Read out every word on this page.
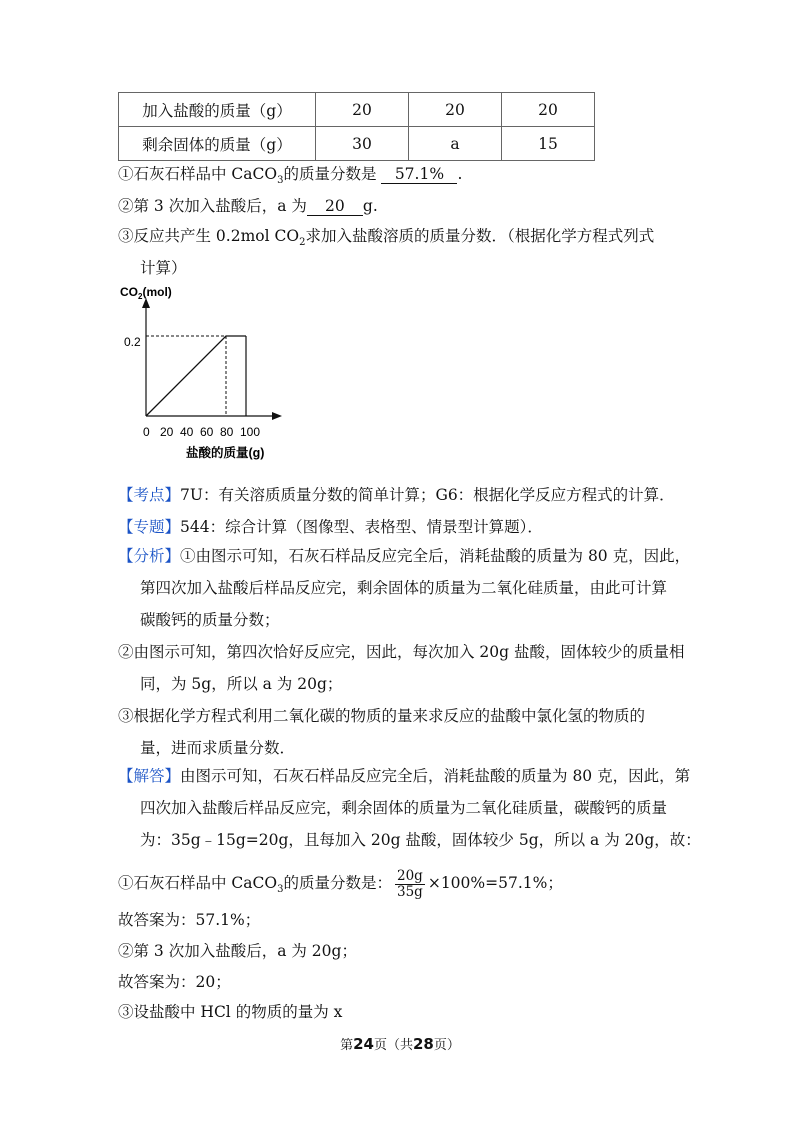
加入盐酸的质量（g）	20	20	20
剩余固体的质量（g）	30	a	15
①石灰石样品中 CaCO$_3$的质量分数是 57.1% .
②第 3 次加入盐酸后，a 为 20 g.
③反应共产生 0.2mol $CO_2$求加入盐酸溶质的质量分数．（根据化学方程式列式
计算）
$CO_2(mol)$
0.2
0 20 40 60 80 100
盐酸的质量(g)
【考点】7U：有关溶质质量分数的简单计算；G6：根据化学反应方程式的计算．
【专题】544：综合计算（图像型、表格型、情景型计算题）．
【分析】①由图示可知，石灰石样品反应完全后，消耗盐酸的质量为 80 克，因此，
第四次加入盐酸后样品反应完，剩余固体的质量为二氧化硅质量，由此可计算
碳酸钙的质量分数；
②由图示可知，第四次恰好反应完，因此，每次加入 20g 盐酸，固体较少的质量相
同，为 5g，所以 a 为 20g；
③根据化学方程式利用二氧化碳的物质的量来求反应的盐酸中氯化氢的物质的
量，进而求质量分数．
【解答】由图示可知，石灰石样品反应完全后，消耗盐酸的质量为 80 克，因此，第
四次加入盐酸后样品反应完，剩余固体的质量为二氧化硅质量，碳酸钙的质量
为：35g﹣15g=20g，且每加入 20g 盐酸，固体较少 5g，所以 a 为 20g，故：
①石灰石样品中 CaCO$_3$的质量分数是： $\frac{20g}{35g} \times 100\%=57.1\%$；
故答案为：57.1%；
②第 3 次加入盐酸后，a 为 20g；
故答案为：20；
③设盐酸中 HCl 的物质的量为 x
第24页（共28页）
